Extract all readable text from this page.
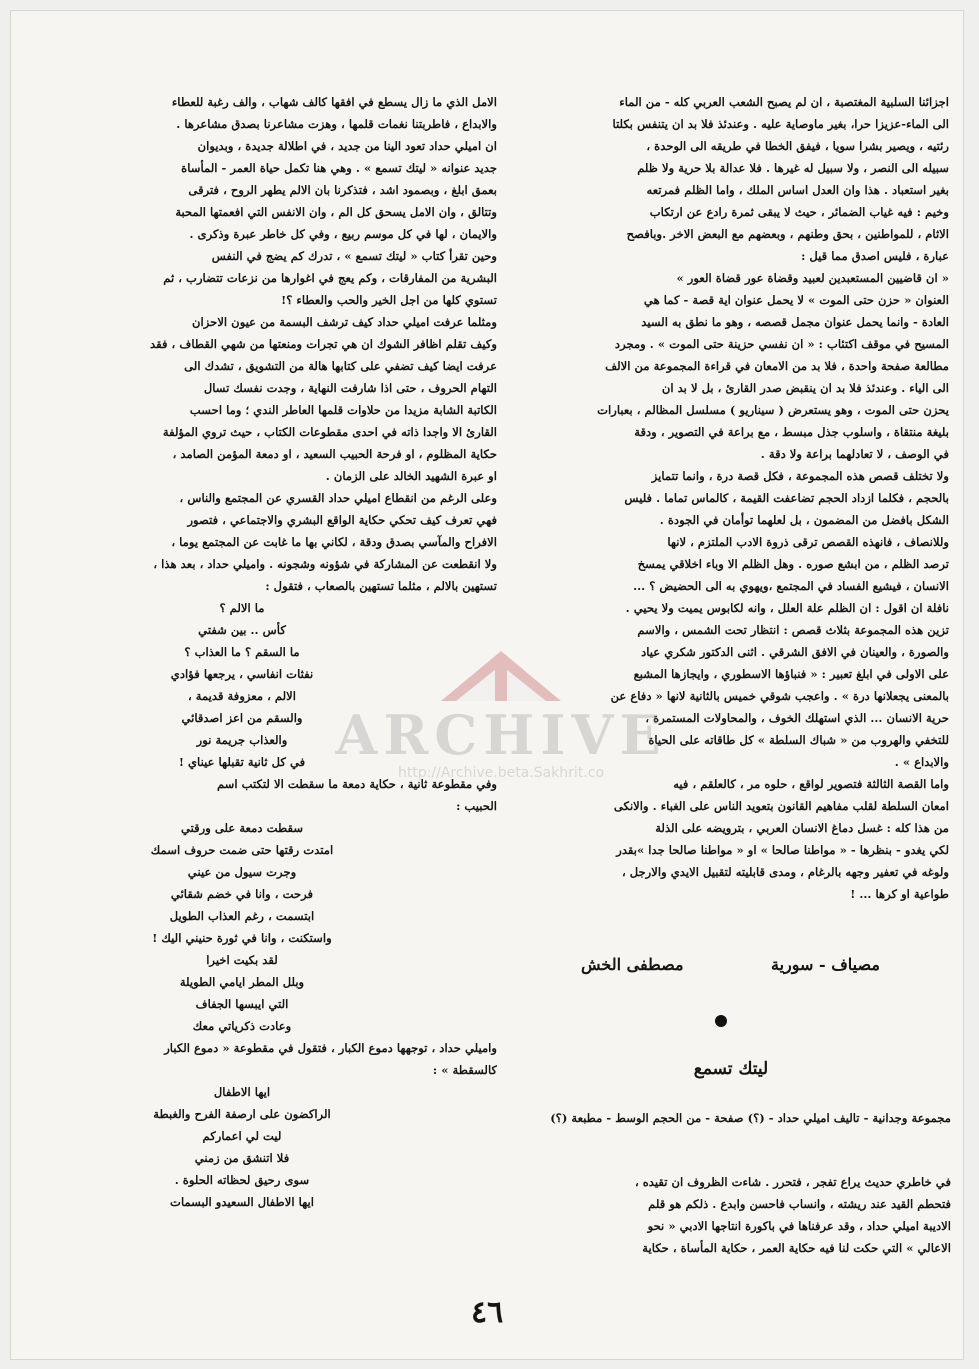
اجزائنا السلبية المغتصبة ، ان لم يصبح الشعب العربي كله - من الماء
الى الماء-عزيزا حرا، بغير ماوصاية عليه . وعندئذ فلا بد ان يتنفس بكلتا
رئتيه ، ويصير بشرا سويا ، فيفق الخطا في طريقه الى الوحدة ،
سبيله الى النصر ، ولا سبيل له غيرها . فلا عدالة بلا حرية ولا ظلم
بغير استعباد . هذا وان العدل اساس الملك ، واما الظلم فمرتعه
وخيم : فيه غياب الضمائر ، حيث لا يبقى ثمرة رادع عن ارتكاب
الاثام ، للمواطنين ، بحق وطنهم ، وبعضهم مع البعض الاخر .وبافصح
عبارة ، فليس اصدق مما قيل :
« ان قاضيين المستعبدين لعبيد وقضاة عور قضاة العور »
العنوان « حزن حتى الموت » لا يحمل عنوان اية قصة - كما هي
العادة - وانما يحمل عنوان مجمل قصصه ، وهو ما نطق به السيد
المسيح في موقف اكتئاب : « ان نفسي حزينة حتى الموت » . ومجرد
مطالعة صفحة واحدة ، فلا بد من الامعان في قراءة المجموعة من الالف
الى الياء . وعندئذ فلا بد ان ينقبض صدر القارئ ، بل لا بد ان
يحزن حتى الموت ، وهو يستعرض ( سيناريو ) مسلسل المظالم ، بعبارات
بليغة منتقاة ، واسلوب جذل مبسط ، مع براعة في التصوير ، ودقة
في الوصف ، لا تعادلهما براعة ولا دقة .
ولا تختلف قصص هذه المجموعة ، فكل قصة درة ، وانما تتمايز
بالحجم ، فكلما ازداد الحجم تضاعفت القيمة ، كالماس تماما . فليس
الشكل بافضل من المضمون ، بل لعلهما توأمان في الجودة .
وللانصاف ، فانهذه القصص ترقى ذروة الادب الملتزم ، لانها
ترصد الظلم ، من ابشع صوره . وهل الظلم الا وباء اخلاقي يمسخ
الانسان ، فيشيع الفساد في المجتمع ،ويهوي به الى الحضيض ؟ ...
نافلة ان اقول : ان الظلم علة العلل ، وانه لكابوس يميت ولا يحيي .
تزين هذه المجموعة بثلاث قصص : انتظار تحت الشمس ، والاسم
والصورة ، والعينان في الافق الشرقي . اثنى الدكتور شكري عياد
على الاولى في ابلغ تعبير : « فنباؤها الاسطوري ، وايجازها المشبع
بالمعنى يجعلانها درة » . واعجب شوقي خميس بالثانية لانها « دفاع عن
حرية الانسان ... الذي استهلك الخوف ، والمحاولات المستمرة ،
للتخفي والهروب من « شباك السلطة » كل طاقاته على الحياة
والابداع » .
واما القصة الثالثة فتصوير لواقع ، حلوه مر ، كالعلقم ، فيه
امعان السلطة لقلب مفاهيم القانون بتعويد الناس على الغباء . والانكى
من هذا كله : غسل دماغ الانسان العربي ، بترويضه على الذلة
لكي يغدو - بنظرها - « مواطنا صالحا » او « مواطنا صالحا جدا »بقدر
ولوغه في تعفير وجهه بالرغام ، ومدى قابليته لتقبيل الايدي والارجل ،
طواعية او كرها ... !
مصياف - سورية
مصطفى الخش
ليتك تسمع
مجموعة وجدانية - تاليف اميلي حداد - (؟) صفحة - من الحجم الوسط - مطبعة (؟)
في خاطري حديث يراع تفجر ، فتحرر . شاءت الظروف ان تقيده ،
فتحطم القيد عند ريشته ، وانساب فاحسن وابدع . ذلكم هو قلم
الاديبة اميلي حداد ، وقد عرفناها في باكورة انتاجها الادبي « نحو
الاعالي » التي حكت لنا فيه حكاية العمر ، حكاية المأساة ، حكاية
الامل الذي ما زال يسطع في افقها كالف شهاب ، والف رغبة للعطاء
والابداع ، فاطربتنا نغمات قلمها ، وهزت مشاعرنا بصدق مشاعرها .
ان اميلي حداد تعود الينا من جديد ، في اطلالة جديدة ، وبديوان
جديد عنوانه « ليتك تسمع » . وهي هنا تكمل حياة العمر - المأساة
بعمق ابلغ ، وبصمود اشد ، فتذكرنا بان الالم يطهر الروح ، فترقى
وتتالق ، وان الامل يسحق كل الم ، وان الانفس التي افعمتها المحبة
والايمان ، لها في كل موسم ربيع ، وفي كل خاطر عبرة وذكرى .
وحين تقرأ كتاب « ليتك تسمع » ، تدرك كم يضج في النفس
البشرية من المفارقات ، وكم يعج في اغوارها من نزعات تتضارب ، ثم
تستوي كلها من اجل الخير والحب والعطاء ؟!
ومثلما عرفت اميلي حداد كيف ترشف البسمة من عيون الاحزان
وكيف تقلم اظافر الشوك ان هي تجرات ومنعتها من شهي القطاف ، فقد
عرفت ايضا كيف تضفي على كتابها هالة من التشويق ، تشدك الى
التهام الحروف ، حتى اذا شارفت النهاية ، وجدت نفسك تسال
الكاتبة الشابة مزيدا من حلاوات قلمها العاطر الندي ؛ وما احسب
القارئ الا واجدا ذاته في احدى مقطوعات الكتاب ، حيث تروي المؤلفة
حكاية المظلوم ، او فرحة الحبيب السعيد ، او دمعة المؤمن الصامد ،
او عبرة الشهيد الخالد على الزمان .
وعلى الرغم من انقطاع اميلي حداد القسري عن المجتمع والناس ،
فهي تعرف كيف تحكي حكاية الواقع البشري والاجتماعي ، فتصور
الافراح والمآسي بصدق ودقة ، لكاني بها ما غابت عن المجتمع يوما ،
ولا انقطعت عن المشاركة في شؤونه وشجونه . واميلي حداد ، بعد هذا ،
تستهين بالالم ، مثلما تستهين بالصعاب ، فتقول :
ما الالم ؟
كأس .. بين شفتي
ما السقم ؟ ما العذاب ؟
نفثات انفاسي ، يرجعها فؤادي
الالم ، معزوفة قديمة ،
والسقم من اعز اصدقائي
والعذاب جريمة نور
في كل ثانية تقبلها عيناي !
وفي مقطوعة ثانية ، حكاية دمعة ما سقطت الا لتكتب اسم
الحبيب :
سقطت دمعة على ورقتي
امتدت رقتها حتى ضمت حروف اسمك
وجرت سيول من عيني
فرحت ، وانا في خضم شقائي
ابتسمت ، رغم العذاب الطويل
واستكنت ، وانا في ثورة حنيني اليك !
لقد بكيت اخيرا
وبلل المطر ايامي الطويلة
التي ايبسها الجفاف
وعادت ذكرياتي معك
واميلي حداد ، توجهها دموع الكبار ، فتقول في مقطوعة « دموع الكبار
كالسقطة » :
ايها الاطفال
الراكضون على ارصفة الفرح والغبطة
ليت لي اعماركم
فلا اتنشق من زمني
سوى رحيق لحظاته الحلوة .
ايها الاطفال السعيدو البسمات
ARCHIVE
http://Archive.beta.Sakhrit.co
٤٦
